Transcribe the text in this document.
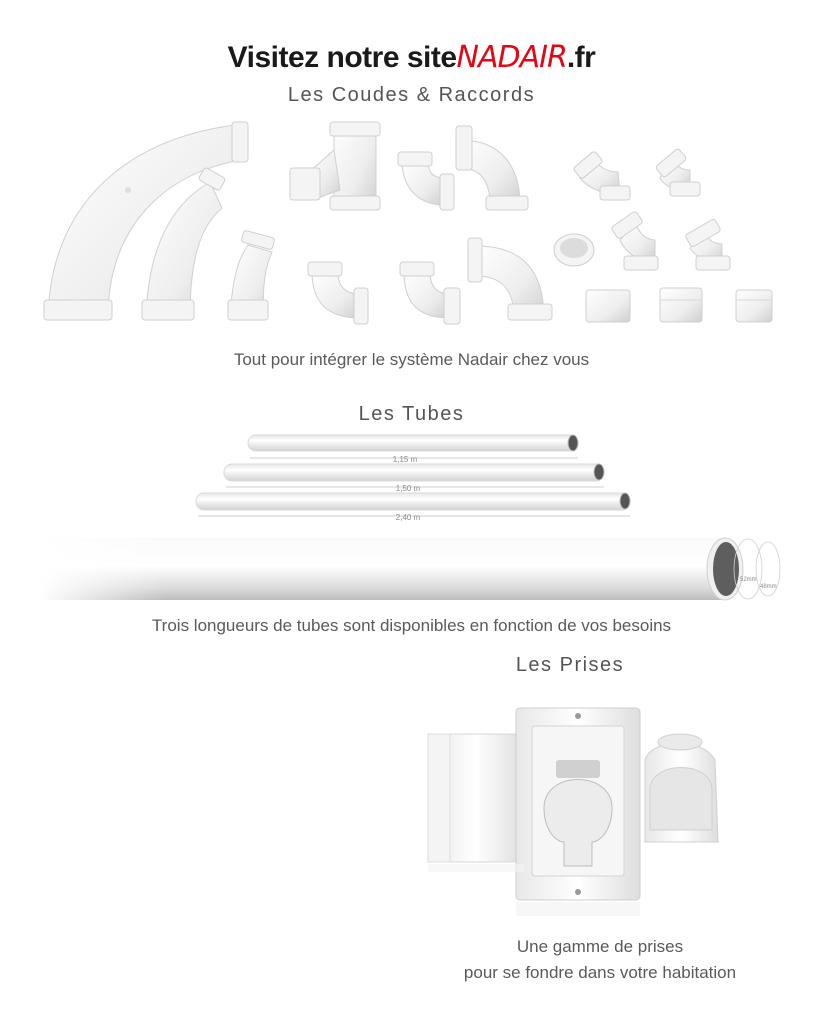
Visitez notre siteNADAIR.fr
Les Coudes & Raccords
Tout pour intégrer le système Nadair chez vous
Les Tubes
1,15 m
1,50 m
2,40 m
52mm
48mm
Trois longueurs de tubes sont disponibles en fonction de vos besoins
Les Prises
Une gamme de prises
pour se fondre dans votre habitation
